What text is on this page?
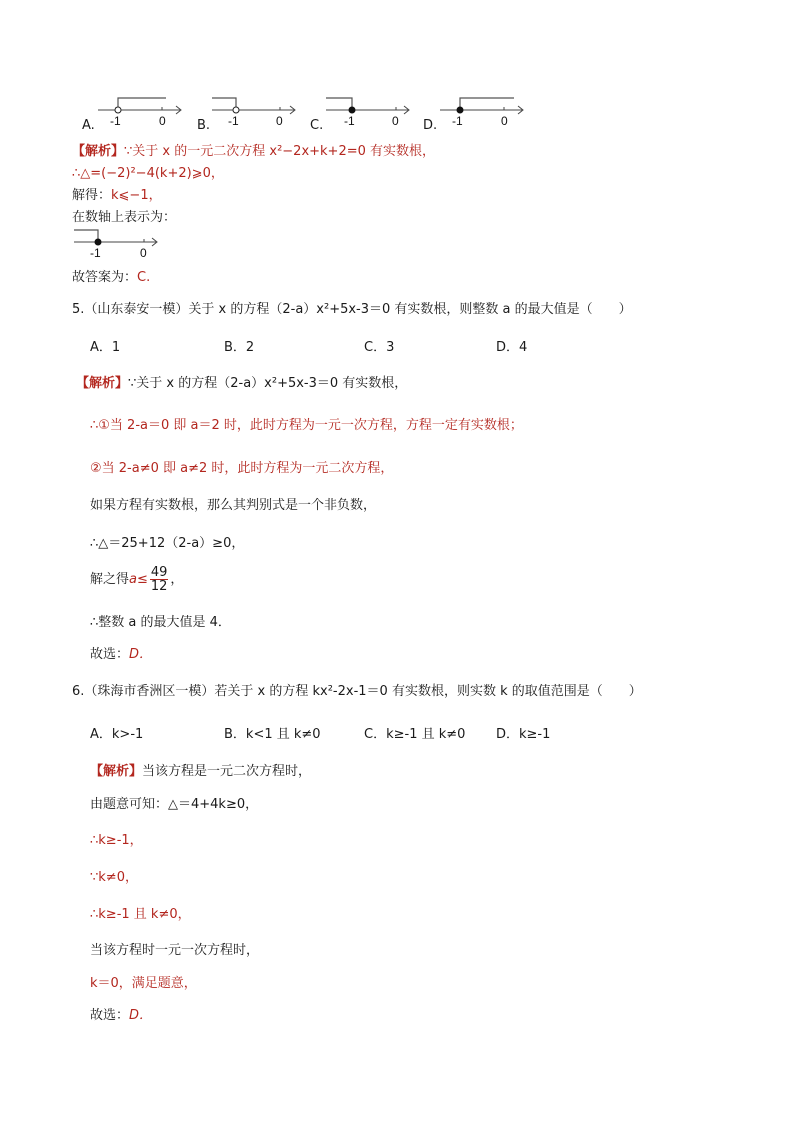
A. -1	0 B. -1	0 C. -1	0 D. -1	0
【解析】∵关于 x 的一元二次方程 x²−2x+k+2=0 有实数根，
∴△=(−2)²−4(k+2)⩾0，
解得：k⩽−1，
在数轴上表示为：
-1	0
故答案为：C.
5.（山东泰安一模）关于 x 的方程（2-a）x²+5x-3＝0 有实数根，则整数 a 的最大值是（　　）
A．1	B．2	C．3	D．4
【解析】∵关于 x 的方程（2-a）x²+5x-3＝0 有实数根，
∴①当 2-a＝0 即 a＝2 时，此时方程为一元一次方程，方程一定有实数根；
②当 2-a≠0 即 a≠2 时，此时方程为一元二次方程，
如果方程有实数根，那么其判别式是一个非负数，
∴△＝25+12（2-a）≥0，
解之得$a\le \frac{49}{12}$ ，
∴整数 a 的最大值是 4．
故选：D．
6.（珠海市香洲区一模）若关于 x 的方程 kx²-2x-1＝0 有实数根，则实数 k 的取值范围是（　　）
A．k>-1	B．k<1 且 k≠0	C．k≥-1 且 k≠0 D．k≥-1
【解析】当该方程是一元二次方程时，
由题意可知：△＝4+4k≥0，
∴k≥-1，
∵k≠0，
∴k≥-1 且 k≠0，
当该方程时一元一次方程时，
k＝0，满足题意，
故选：D．
